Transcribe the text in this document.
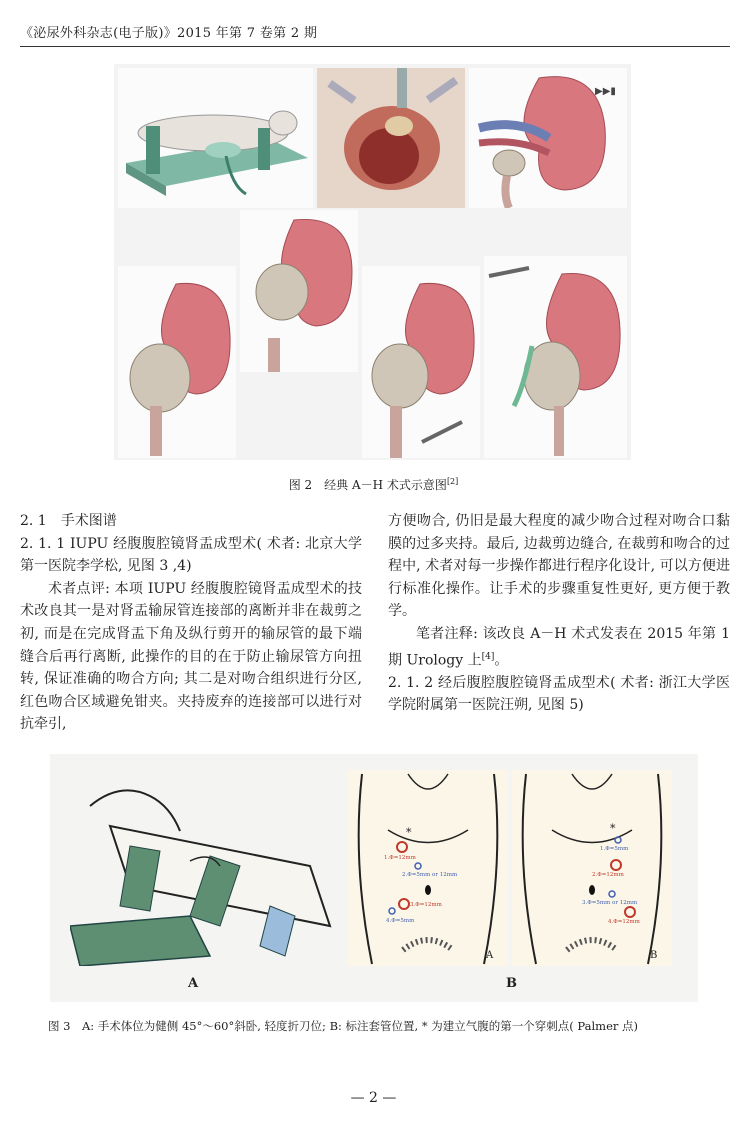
《泌尿外科杂志(电子版)》2015 年第 7 卷第 2 期
▶▶▮
图 2　经典 A－H 术式示意图[2]

2. 1　手术图谱

2. 1. 1 IUPU 经腹腹腔镜肾盂成型术( 术者: 北京大学第一医院李学松, 见图 3 ,4)

术者点评: 本项 IUPU 经腹腹腔镜肾盂成型术的技术改良其一是对肾盂输尿管连接部的离断并非在裁剪之初, 而是在完成肾盂下角及纵行剪开的输尿管的最下端缝合后再行离断, 此操作的目的在于防止输尿管方向扭转, 保证准确的吻合方向; 其二是对吻合组织进行分区, 红色吻合区域避免钳夹。夹持废弃的连接部可以进行对抗牵引,

方便吻合, 仍旧是最大程度的减少吻合过程对吻合口黏膜的过多夹持。最后, 边裁剪边缝合, 在裁剪和吻合的过程中, 术者对每一步操作都进行程序化设计, 可以方便进行标准化操作。让手术的步骤重复性更好, 更方便于教学。

笔者注释: 该改良 A－H 术式发表在 2015 年第 1 期 Urology 上[4]。

2. 1. 2 经后腹腔腹腔镜肾盂成型术( 术者: 浙江大学医学院附属第一医院汪朔, 见图 5)

A
*
1.Φ=12mm
2.Φ=5mm or 12mm
3.Φ=12mm
4.Φ=5mm
A
*
1.Φ=5mm
2.Φ=12mm
3.Φ=5mm or 12mm
4.Φ=12mm
B
B
图 3　A: 手术体位为健侧 45°～60°斜卧, 轻度折刀位; B: 标注套管位置, * 为建立气腹的第一个穿刺点( Palmer 点)
— 2 —
